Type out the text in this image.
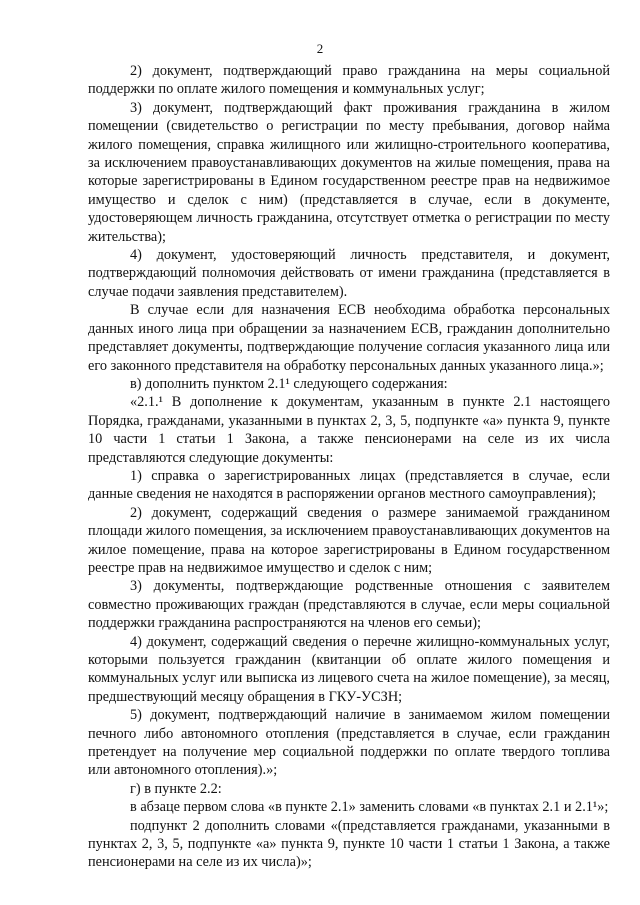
2

2) документ, подтверждающий право гражданина на меры социальной поддержки по оплате жилого помещения и коммунальных услуг;

3) документ, подтверждающий факт проживания гражданина в жилом помещении (свидетельство о регистрации по месту пребывания, договор найма жилого помещения, справка жилищного или жилищно-строительного кооператива, за исключением правоустанавливающих документов на жилые помещения, права на которые зарегистрированы в Едином государственном реестре прав на недвижимое имущество и сделок с ним) (представляется в случае, если в документе, удостоверяющем личность гражданина, отсутствует отметка о регистрации по месту жительства);

4) документ, удостоверяющий личность представителя, и документ, подтверждающий полномочия действовать от имени гражданина (представляется в случае подачи заявления представителем).

В случае если для назначения ЕСВ необходима обработка персональных данных иного лица при обращении за назначением ЕСВ, гражданин дополнительно представляет документы, подтверждающие получение согласия указанного лица или его законного представителя на обработку персональных данных указанного лица.»;

в) дополнить пунктом 2.1¹ следующего содержания:

«2.1.¹ В дополнение к документам, указанным в пункте 2.1 настоящего Порядка, гражданами, указанными в пунктах 2, 3, 5, подпункте «а» пункта 9, пункте 10 части 1 статьи 1 Закона, а также пенсионерами на селе из их числа представляются следующие документы:

1) справка о зарегистрированных лицах (представляется в случае, если данные сведения не находятся в распоряжении органов местного самоуправления);

2) документ, содержащий сведения о размере занимаемой гражданином площади жилого помещения, за исключением правоустанавливающих документов на жилое помещение, права на которое зарегистрированы в Едином государственном реестре прав на недвижимое имущество и сделок с ним;

3) документы, подтверждающие родственные отношения с заявителем совместно проживающих граждан (представляются в случае, если меры социальной поддержки гражданина распространяются на членов его семьи);

4) документ, содержащий сведения о перечне жилищно-коммунальных услуг, которыми пользуется гражданин (квитанции об оплате жилого помещения и коммунальных услуг или выписка из лицевого счета на жилое помещение), за месяц, предшествующий месяцу обращения в ГКУ-УСЗН;

5) документ, подтверждающий наличие в занимаемом жилом помещении печного либо автономного отопления (представляется в случае, если гражданин претендует на получение мер социальной поддержки по оплате твердого топлива или автономного отопления).»;

г) в пункте 2.2:

в абзаце первом слова «в пункте 2.1» заменить словами «в пунктах 2.1 и 2.1¹»;

подпункт 2 дополнить словами «(представляется гражданами, указанными в пунктах 2, 3, 5, подпункте «а» пункта 9, пункте 10 части 1 статьи 1 Закона, а также пенсионерами на селе из их числа)»;
